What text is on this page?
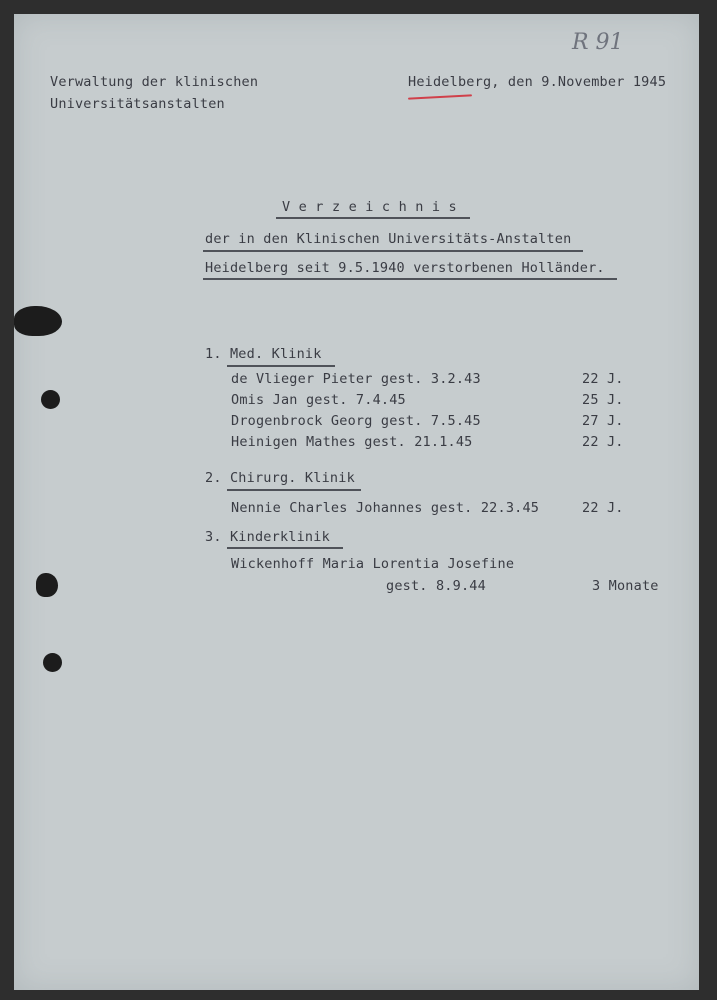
R 91
Verwaltung der klinischen
Universitätsanstalten
Heidelberg, den 9.November 1945
V e r z e i c h n i s
der in den Klinischen Universitäts-Anstalten
Heidelberg seit 9.5.1940 verstorbenen Holländer.
1. Med. Klinik
de Vlieger Pieter gest. 3.2.43	22 J.
Omis Jan gest. 7.4.45	25 J.
Drogenbrock Georg gest. 7.5.45	27 J.
Heinigen Mathes gest. 21.1.45	22 J.
2. Chirurg. Klinik
Nennie Charles Johannes gest. 22.3.45	22 J.
3. Kinderklinik
Wickenhoff Maria Lorentia Josefine
gest. 8.9.44	3 Monate
